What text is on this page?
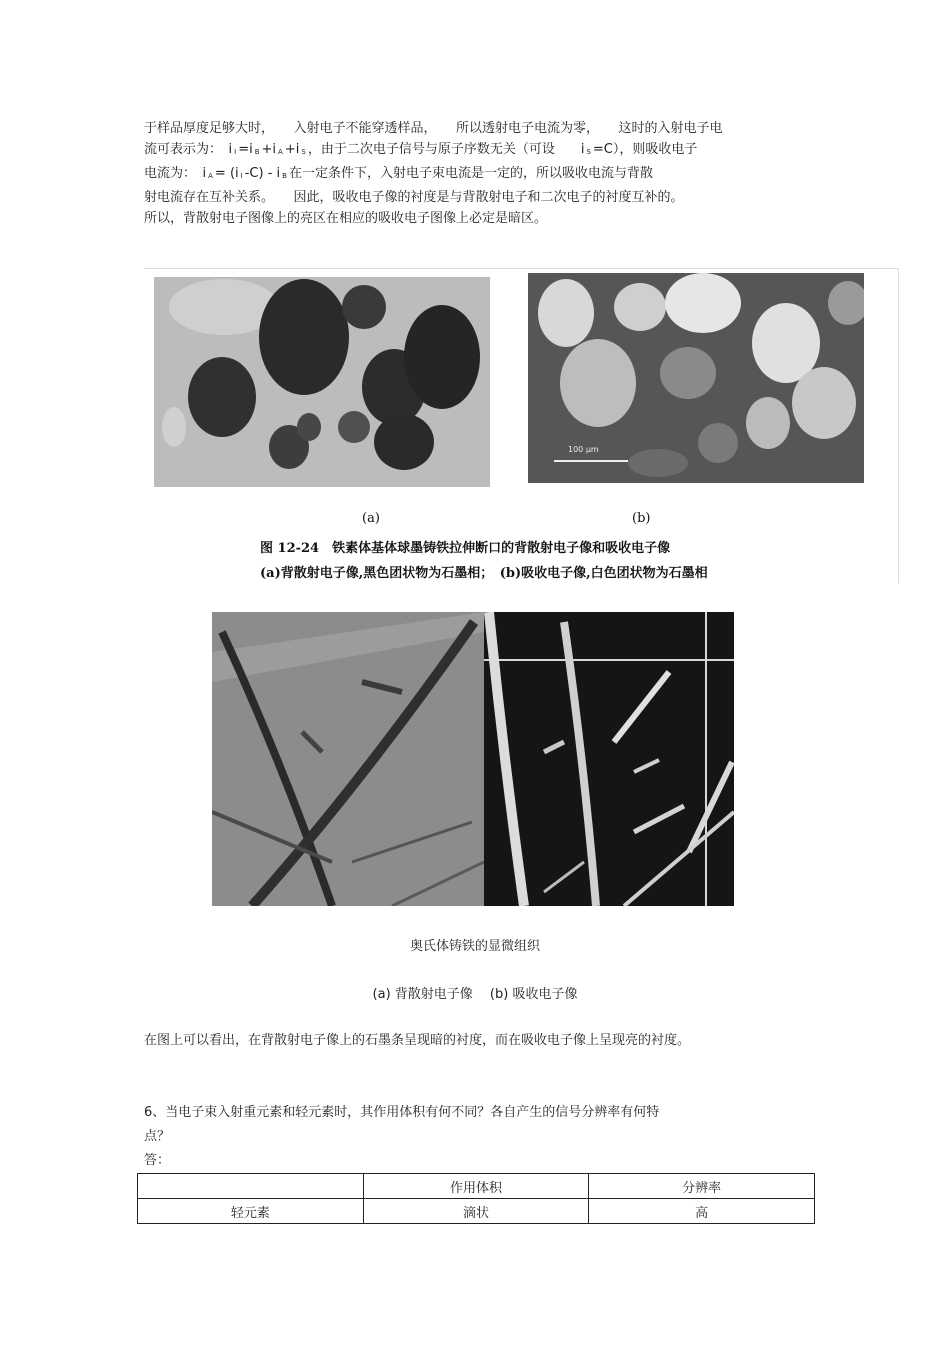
于样品厚度足够大时，　　入射电子不能穿透样品，　　所以透射电子电流为零，　　这时的入射电子电
流可表示为：　i I =i B +i A +i S ，由于二次电子信号与原子序数无关（可设　　i S =C），则吸收电子
电流为：　i A = (i I -C) - i B 在一定条件下，入射电子束电流是一定的，所以吸收电流与背散
射电流存在互补关系。　　因此，吸收电子像的衬度是与背散射电子和二次电子的衬度互补的。
所以，背散射电子图像上的亮区在相应的吸收电子图像上必定是暗区。
100 μm
(a)	(b)
图 12-24　铁素体基体球墨铸铁拉伸断口的背散射电子像和吸收电子像
(a)背散射电子像,黑色团状物为石墨相；　(b)吸收电子像,白色团状物为石墨相
奥氏体铸铁的显微组织
(a) 背散射电子像　 (b) 吸收电子像
在图上可以看出，在背散射电子像上的石墨条呈现暗的衬度，而在吸收电子像上呈现亮的衬度。
6、当电子束入射重元素和轻元素时，其作用体积有何不同？各自产生的信号分辨率有何特
点？
答：
	作用体积	分辨率
轻元素	滴状	高
